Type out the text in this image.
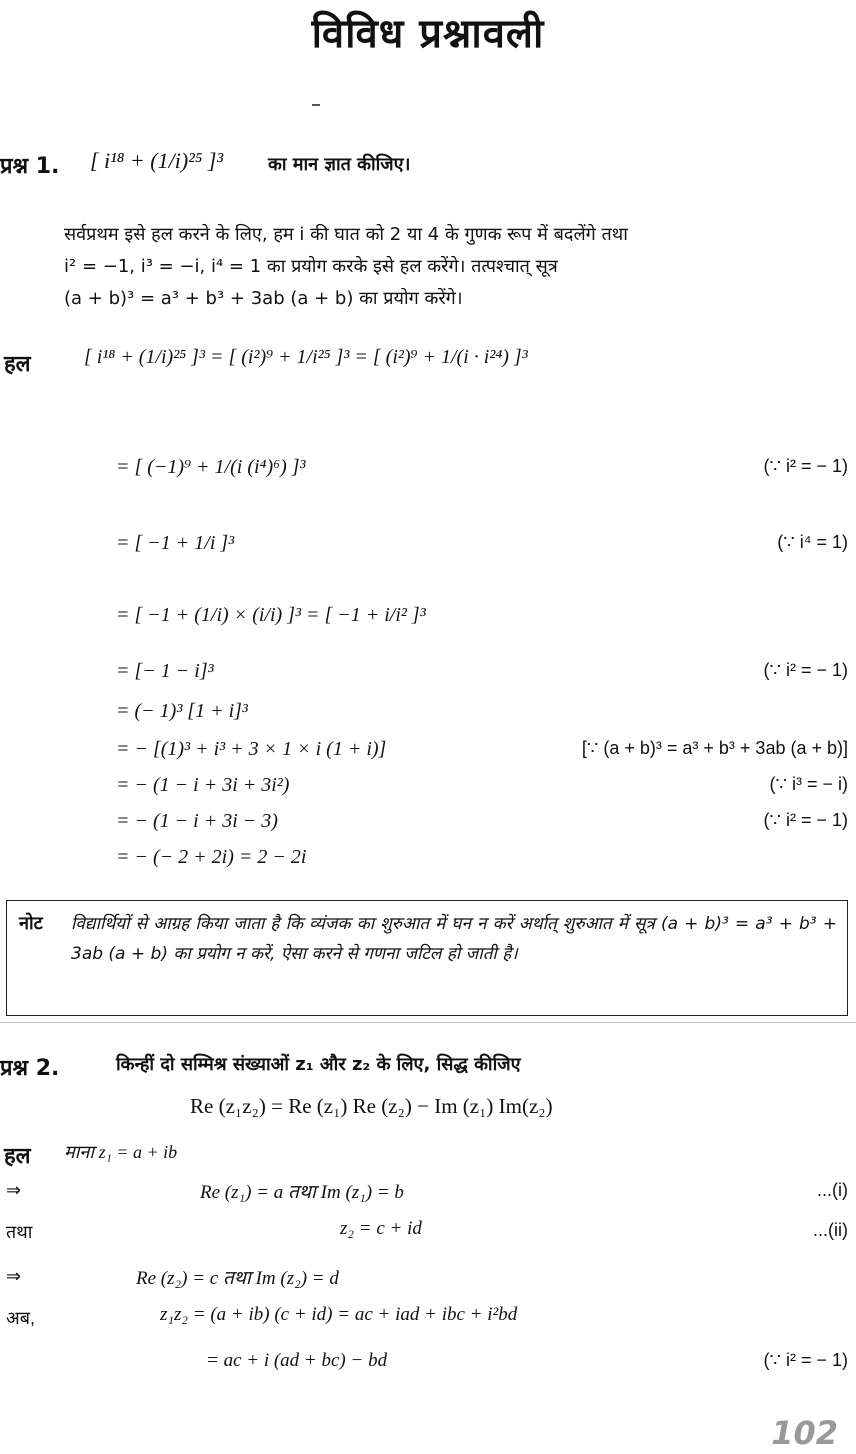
विविध प्रश्नावली
प्रश्न 1. [ i¹⁸ + (1/i)²⁵ ]³ का मान ज्ञात कीजिए।
सर्वप्रथम इसे हल करने के लिए, हम i की घात को 2 या 4 के गुणक रूप में बदलेंगे तथा
i² = −1, i³ = −i, i⁴ = 1 का प्रयोग करके इसे हल करेंगे। तत्पश्चात् सूत्र
(a + b)³ = a³ + b³ + 3ab (a + b) का प्रयोग करेंगे।
हल	[ i¹⁸ + (1/i)²⁵ ]³ = [ (i²)⁹ + 1/i²⁵ ]³ = [ (i²)⁹ + 1/(i · i²⁴) ]³
= [ (−1)⁹ + 1/(i (i⁴)⁶) ]³	(∵ i² = − 1)
= [ −1 + 1/i ]³	(∵ i⁴ = 1)
= [ −1 + (1/i) × (i/i) ]³ = [ −1 + i/i² ]³
= [− 1 − i]³	(∵ i² = − 1)
= (− 1)³ [1 + i]³
= − [(1)³ + i³ + 3 × 1 × i (1 + i)]	[∵ (a + b)³ = a³ + b³ + 3ab (a + b)]
= − (1 − i + 3i + 3i²)	(∵ i³ = − i)
= − (1 − i + 3i − 3)	(∵ i² = − 1)
= − (− 2 + 2i) = 2 − 2i
नोट विद्यार्थियों से आग्रह किया जाता है कि व्यंजक का शुरुआत में घन न करें अर्थात् शुरुआत में सूत्र (a + b)³ = a³ + b³ + 3ab (a + b) का प्रयोग न करें, ऐसा करने से गणना जटिल हो जाती है।
प्रश्न 2.	किन्हीं दो सम्मिश्र संख्याओं z₁ और z₂ के लिए, सिद्ध कीजिए
Re (z₁z₂) = Re (z₁) Re (z₂) − Im (z₁) Im(z₂)
हल माना z₁ = a + ib
⇒	Re (z₁) = a तथा Im (z₁) = b	...(i)
तथा	z₂ = c + id	...(ii)
⇒	Re (z₂) = c तथा Im (z₂) = d
अब,	z₁z₂ = (a + ib) (c + id) = ac + iad + ibc + i²bd
= ac + i (ad + bc) − bd	(∵ i² = − 1)
102
